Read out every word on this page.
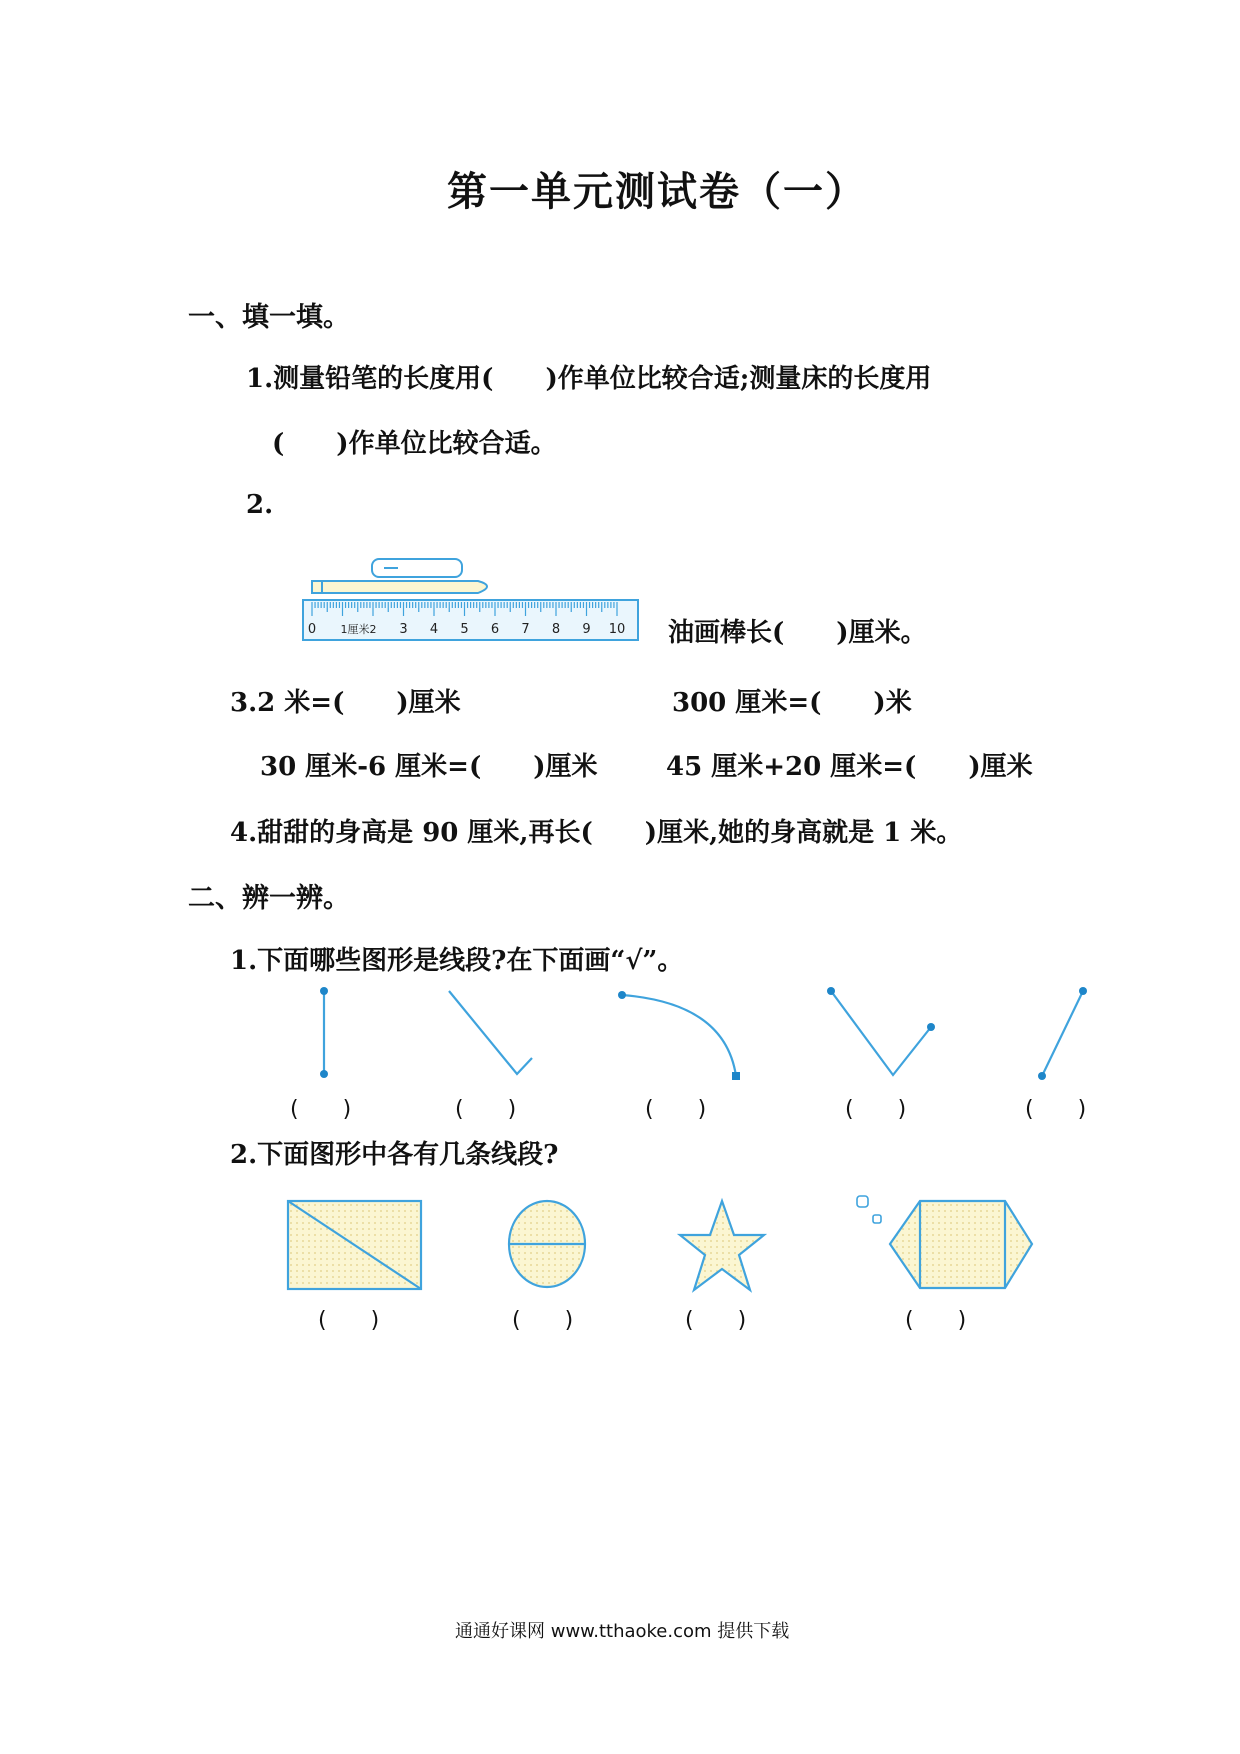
第一单元测试卷（一）
一、填一填。
1.测量铅笔的长度用(　　)作单位比较合适;测量床的长度用
(　　)作单位比较合适。
2.
0 1厘米2 3 4 5 6 7 8 9 10 油画棒长(　　)厘米。
3.2 米=(　　)厘米	300 厘米=(　　)米
30 厘米-6 厘米=(　　)厘米	45 厘米+20 厘米=(　　)厘米
4.甜甜的身高是 90 厘米,再长(　　)厘米,她的身高就是 1 米。
二、辨一辨。
1.下面哪些图形是线段?在下面画“√”。
(　　)	(　　)	(　　)	(　　)	(　　)
2.下面图形中各有几条线段?
(　　)	(　　)	(　　)	(　　)
通通好课网 www.tthaoke.com 提供下载
